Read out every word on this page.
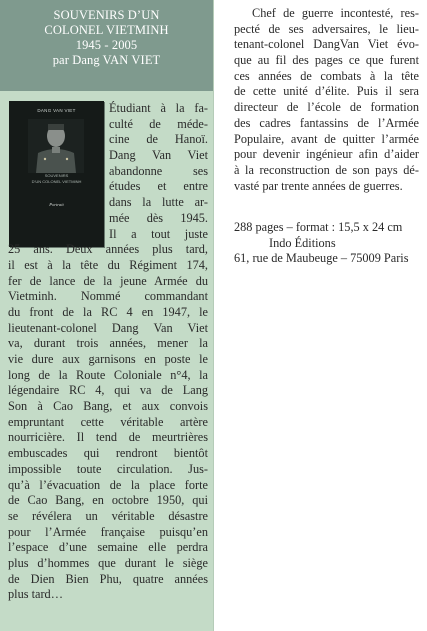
SOUVENIRS D’UN
COLONEL VIETMINH
1945 - 2005
par Dang VAN VIET
DANG VAN VIET
SOUVENIRS
D’UN COLONEL VIETMINH
Portrait
Étudiant à la fa-
culté de méde-
cine de Hanoï.
Dang Van Viet
abandonne ses
études et entre
dans la lutte ar-
mée dès 1945.
Il a tout juste
25 ans. Deux années plus tard,
il est à la tête du Régiment 174,
fer de lance de la jeune Armée du
Vietminh. Nommé commandant
du front de la RC 4 en 1947, le
lieutenant-colonel Dang Van Viet
va, durant trois années, mener la
vie dure aux garnisons en poste le
long de la Route Coloniale n°4, la
légendaire RC 4, qui va de Lang
Son à Cao Bang, et aux convois
empruntant cette véritable artère
nourricière. Il tend de meurtrières
embuscades qui rendront bientôt
impossible toute circulation. Jus-
qu’à l’évacuation de la place forte
de Cao Bang, en octobre 1950, qui
se révélera un véritable désastre
pour l’Armée française puisqu’en
l’espace d’une semaine elle perdra
plus d’hommes que durant le siège
de Dien Bien Phu, quatre années
plus tard…
Chef de guerre incontesté, res-
pecté de ses adversaires, le lieu-
tenant-colonel DangVan Viet évo-
que au fil des pages ce que furent
ces années de combats à la tête
de cette unité d’élite. Puis il sera
directeur de l’école de formation
des cadres fantassins de l’Armée
Populaire, avant de quitter l’armée
pour devenir ingénieur afin d’aider
à la reconstruction de son pays dé-
vasté par trente années de guerres.
288 pages – format : 15,5 x 24 cm
Indo Éditions
61, rue de Maubeuge – 75009 Paris
